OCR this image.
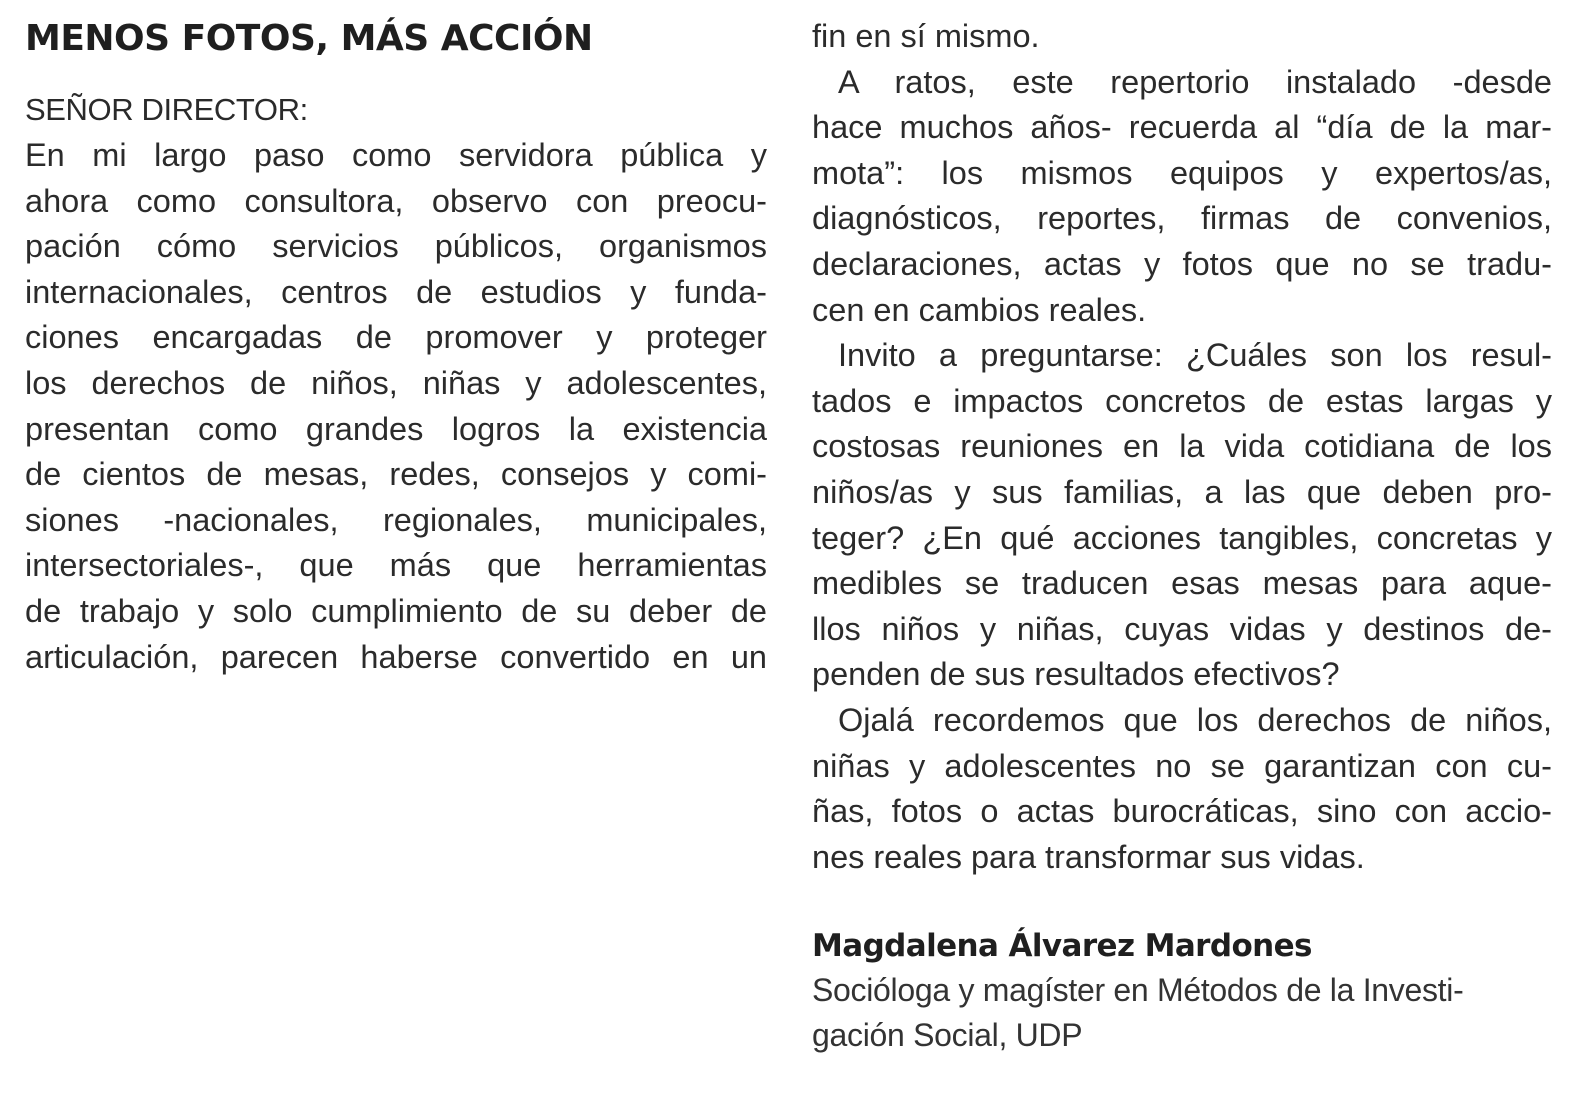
MENOS FOTOS, MÁS ACCIÓN
SEÑOR DIRECTOR:
En mi largo paso como servidora pública y
ahora como consultora, observo con preocu-
pación cómo servicios públicos, organismos
internacionales, centros de estudios y funda-
ciones encargadas de promover y proteger
los derechos de niños, niñas y adolescentes,
presentan como grandes logros la existencia
de cientos de mesas, redes, consejos y comi-
siones -nacionales, regionales, municipales,
intersectoriales-, que más que herramientas
de trabajo y solo cumplimiento de su deber de
articulación, parecen haberse convertido en un
fin en sí mismo.
A ratos, este repertorio instalado -desde
hace muchos años- recuerda al “día de la mar-
mota”: los mismos equipos y expertos/as,
diagnósticos, reportes, firmas de convenios,
declaraciones, actas y fotos que no se tradu-
cen en cambios reales.
Invito a preguntarse: ¿Cuáles son los resul-
tados e impactos concretos de estas largas y
costosas reuniones en la vida cotidiana de los
niños/as y sus familias, a las que deben pro-
teger? ¿En qué acciones tangibles, concretas y
medibles se traducen esas mesas para aque-
llos niños y niñas, cuyas vidas y destinos de-
penden de sus resultados efectivos?
Ojalá recordemos que los derechos de niños,
niñas y adolescentes no se garantizan con cu-
ñas, fotos o actas burocráticas, sino con accio-
nes reales para transformar sus vidas.
Magdalena Álvarez Mardones
Socióloga y magíster en Métodos de la Investi-
gación Social, UDP
